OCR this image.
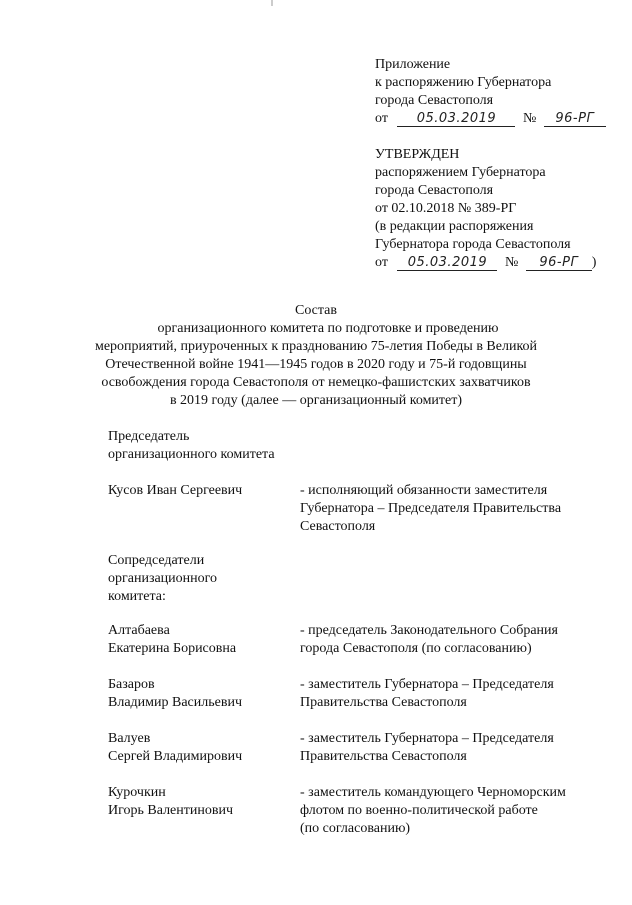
Приложение
к распоряжению Губернатора
города Севастополя
от 05.03.2019 № 96-РГ
УТВЕРЖДЕН
распоряжением Губернатора
города Севастополя
от 02.10.2018 № 389-РГ
(в редакции распоряжения
Губернатора города Севастополя
от 05.03.2019 № 96-РГ )
Состав
организационного комитета по подготовке и проведению
мероприятий, приуроченных к празднованию 75-летия Победы в Великой
Отечественной войне 1941—1945 годов в 2020 году и 75-й годовщины
освобождения города Севастополя от немецко-фашистских захватчиков
в 2019 году (далее — организационный комитет)
Председатель
организационного комитета
Кусов Иван Сергеевич	- исполняющий обязанности заместителя
Губернатора – Председателя Правительства
Севастополя
Сопредседатели
организационного
комитета:
Алтабаева
Екатерина Борисовна
- председатель Законодательного Собрания
города Севастополя (по согласованию)
Базаров
Владимир Васильевич
- заместитель Губернатора – Председателя
Правительства Севастополя
Валуев
Сергей Владимирович
- заместитель Губернатора – Председателя
Правительства Севастополя
Курочкин
Игорь Валентинович
- заместитель командующего Черноморским
флотом по военно-политической работе
(по согласованию)
